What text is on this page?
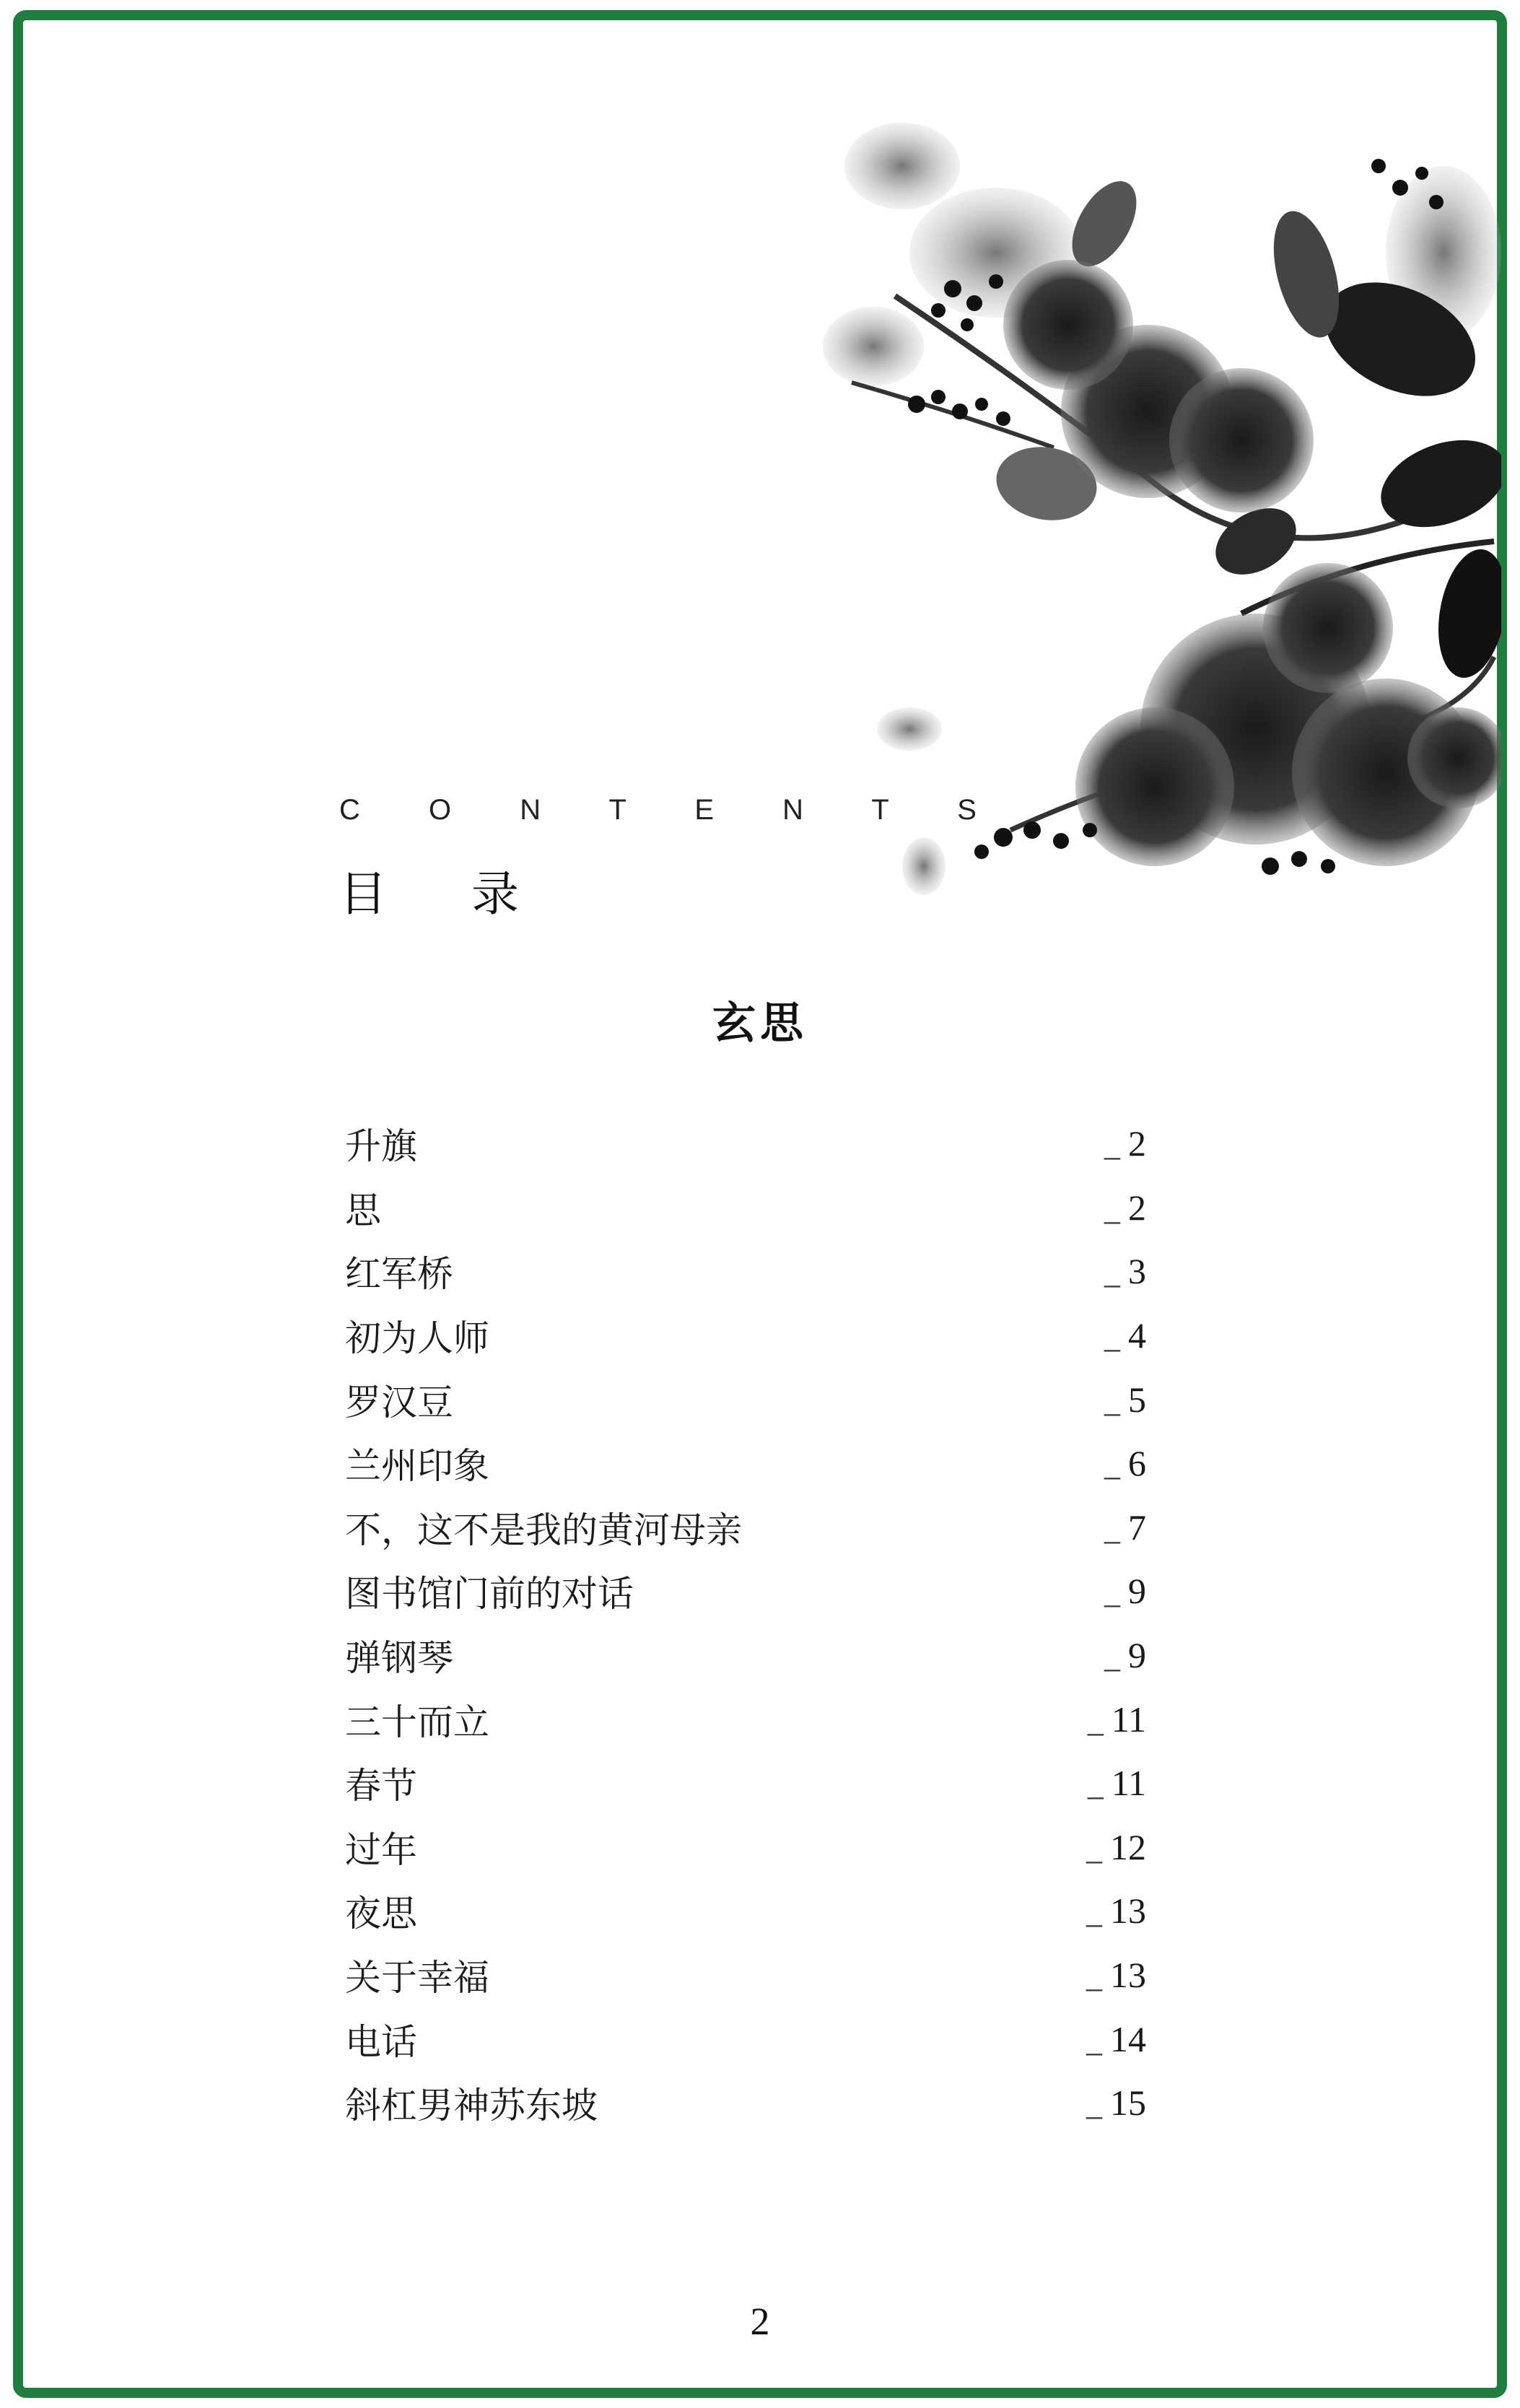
C O N T E N T S
目 录
玄思
升旗	_ 2
思	_ 2
红军桥	_ 3
初为人师	_ 4
罗汉豆	_ 5
兰州印象	_ 6
不，这不是我的黄河母亲	_ 7
图书馆门前的对话	_ 9
弹钢琴	_ 9
三十而立	_ 11
春节	_ 11
过年	_ 12
夜思	_ 13
关于幸福	_ 13
电话	_ 14
斜杠男神苏东坡	_ 15
2
